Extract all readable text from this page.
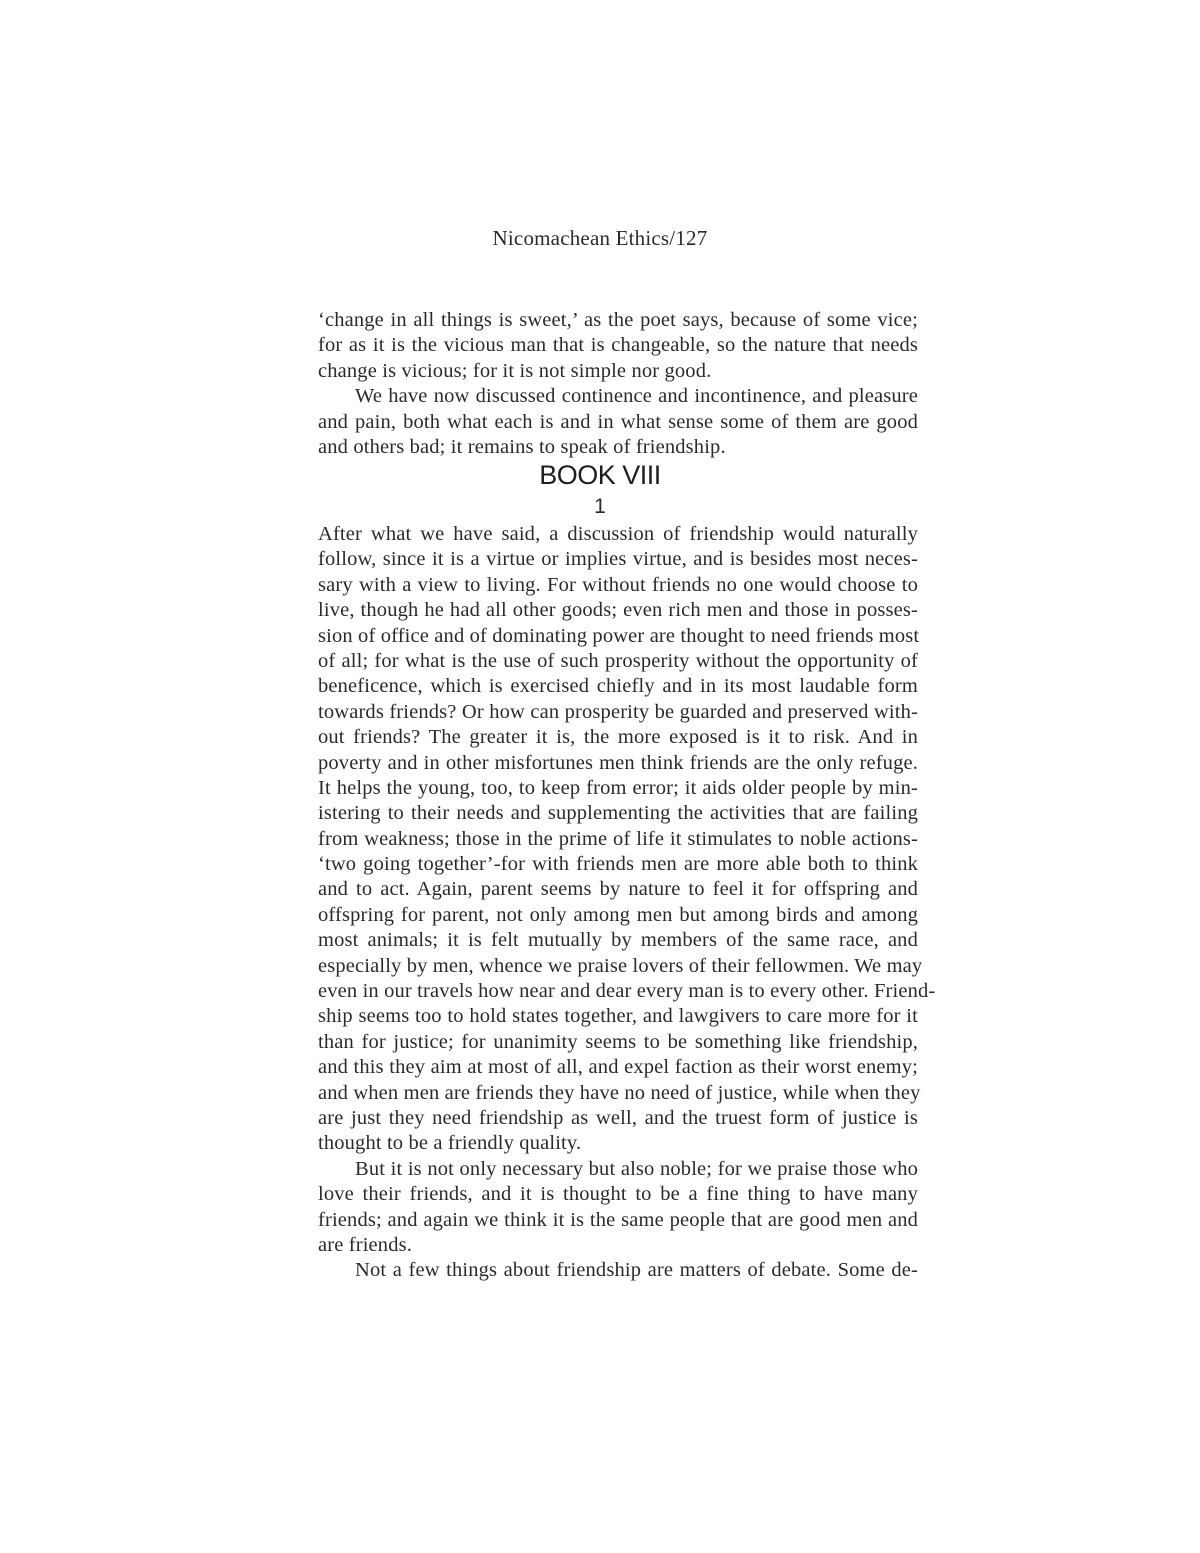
Nicomachean Ethics/127
‘change in all things is sweet,’ as the poet says, because of some vice;
for as it is the vicious man that is changeable, so the nature that needs
change is vicious; for it is not simple nor good.
We have now discussed continence and incontinence, and pleasure
and pain, both what each is and in what sense some of them are good
and others bad; it remains to speak of friendship.
BOOK VIII
1
After what we have said, a discussion of friendship would naturally
follow, since it is a virtue or implies virtue, and is besides most neces-
sary with a view to living. For without friends no one would choose to
live, though he had all other goods; even rich men and those in posses-
sion of office and of dominating power are thought to need friends most
of all; for what is the use of such prosperity without the opportunity of
beneficence, which is exercised chiefly and in its most laudable form
towards friends? Or how can prosperity be guarded and preserved with-
out friends? The greater it is, the more exposed is it to risk. And in
poverty and in other misfortunes men think friends are the only refuge.
It helps the young, too, to keep from error; it aids older people by min-
istering to their needs and supplementing the activities that are failing
from weakness; those in the prime of life it stimulates to noble actions-
‘two going together’-for with friends men are more able both to think
and to act. Again, parent seems by nature to feel it for offspring and
offspring for parent, not only among men but among birds and among
most animals; it is felt mutually by members of the same race, and
especially by men, whence we praise lovers of their fellowmen. We may
even in our travels how near and dear every man is to every other. Friend-
ship seems too to hold states together, and lawgivers to care more for it
than for justice; for unanimity seems to be something like friendship,
and this they aim at most of all, and expel faction as their worst enemy;
and when men are friends they have no need of justice, while when they
are just they need friendship as well, and the truest form of justice is
thought to be a friendly quality.
But it is not only necessary but also noble; for we praise those who
love their friends, and it is thought to be a fine thing to have many
friends; and again we think it is the same people that are good men and
are friends.
Not a few things about friendship are matters of debate. Some de-
